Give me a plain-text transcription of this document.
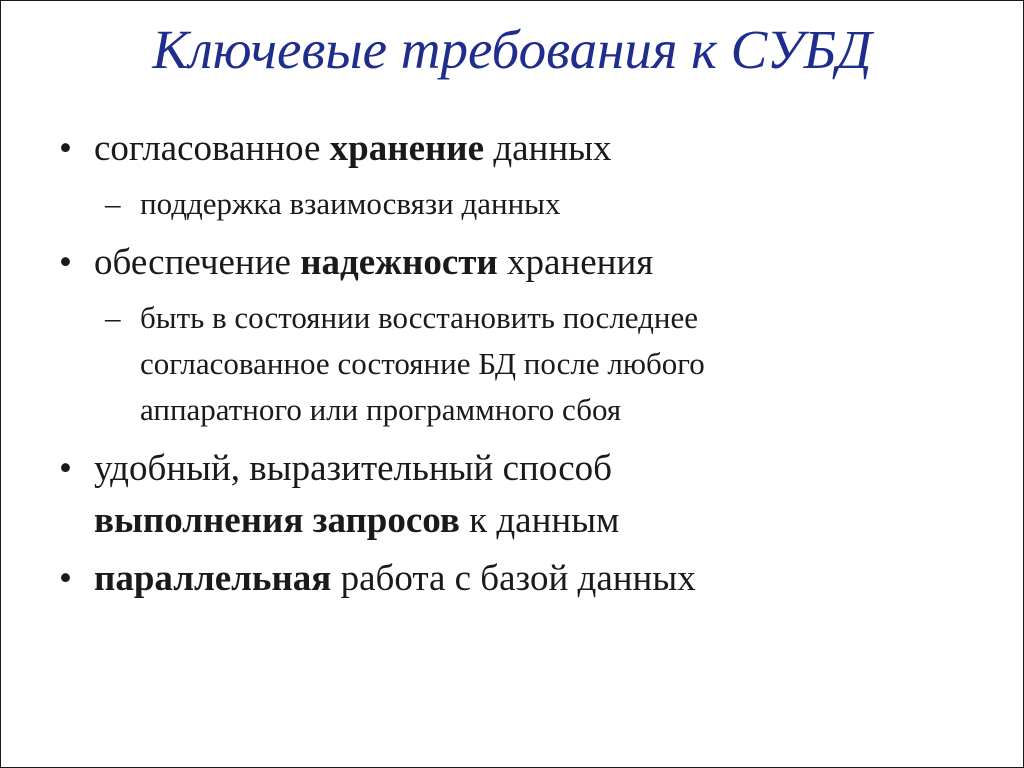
Ключевые требования к СУБД
• согласованное хранение данных
– поддержка взаимосвязи данных
• обеспечение надежности хранения
– быть в состоянии восстановить последнее
согласованное состояние БД после любого
аппаратного или программного сбоя
• удобный, выразительный способ
выполнения запросов к данным
• параллельная работа с базой данных
